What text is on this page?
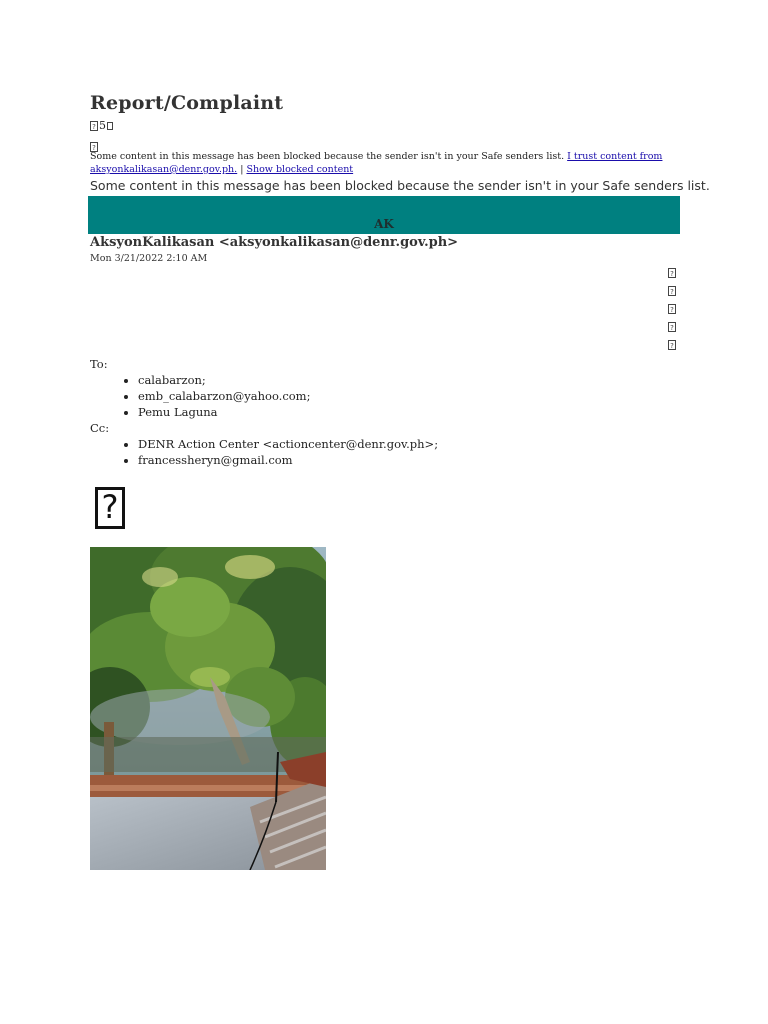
Report/Complaint
? 5
?
Some content in this message has been blocked because the sender isn't in your Safe senders list. I trust content from aksyonkalikasan@denr.gov.ph. | Show blocked content
Some content in this message has been blocked because the sender isn't in your Safe senders list.
AK
AksyonKalikasan <aksyonkalikasan@denr.gov.ph>
Mon 3/21/2022 2:10 AM
?
?
?
?
?
To:
• calabarzon;
• emb_calabarzon@yahoo.com;
• Pemu Laguna
Cc:
• DENR Action Center <actioncenter@denr.gov.ph>;
• francessheryn@gmail.com
?
